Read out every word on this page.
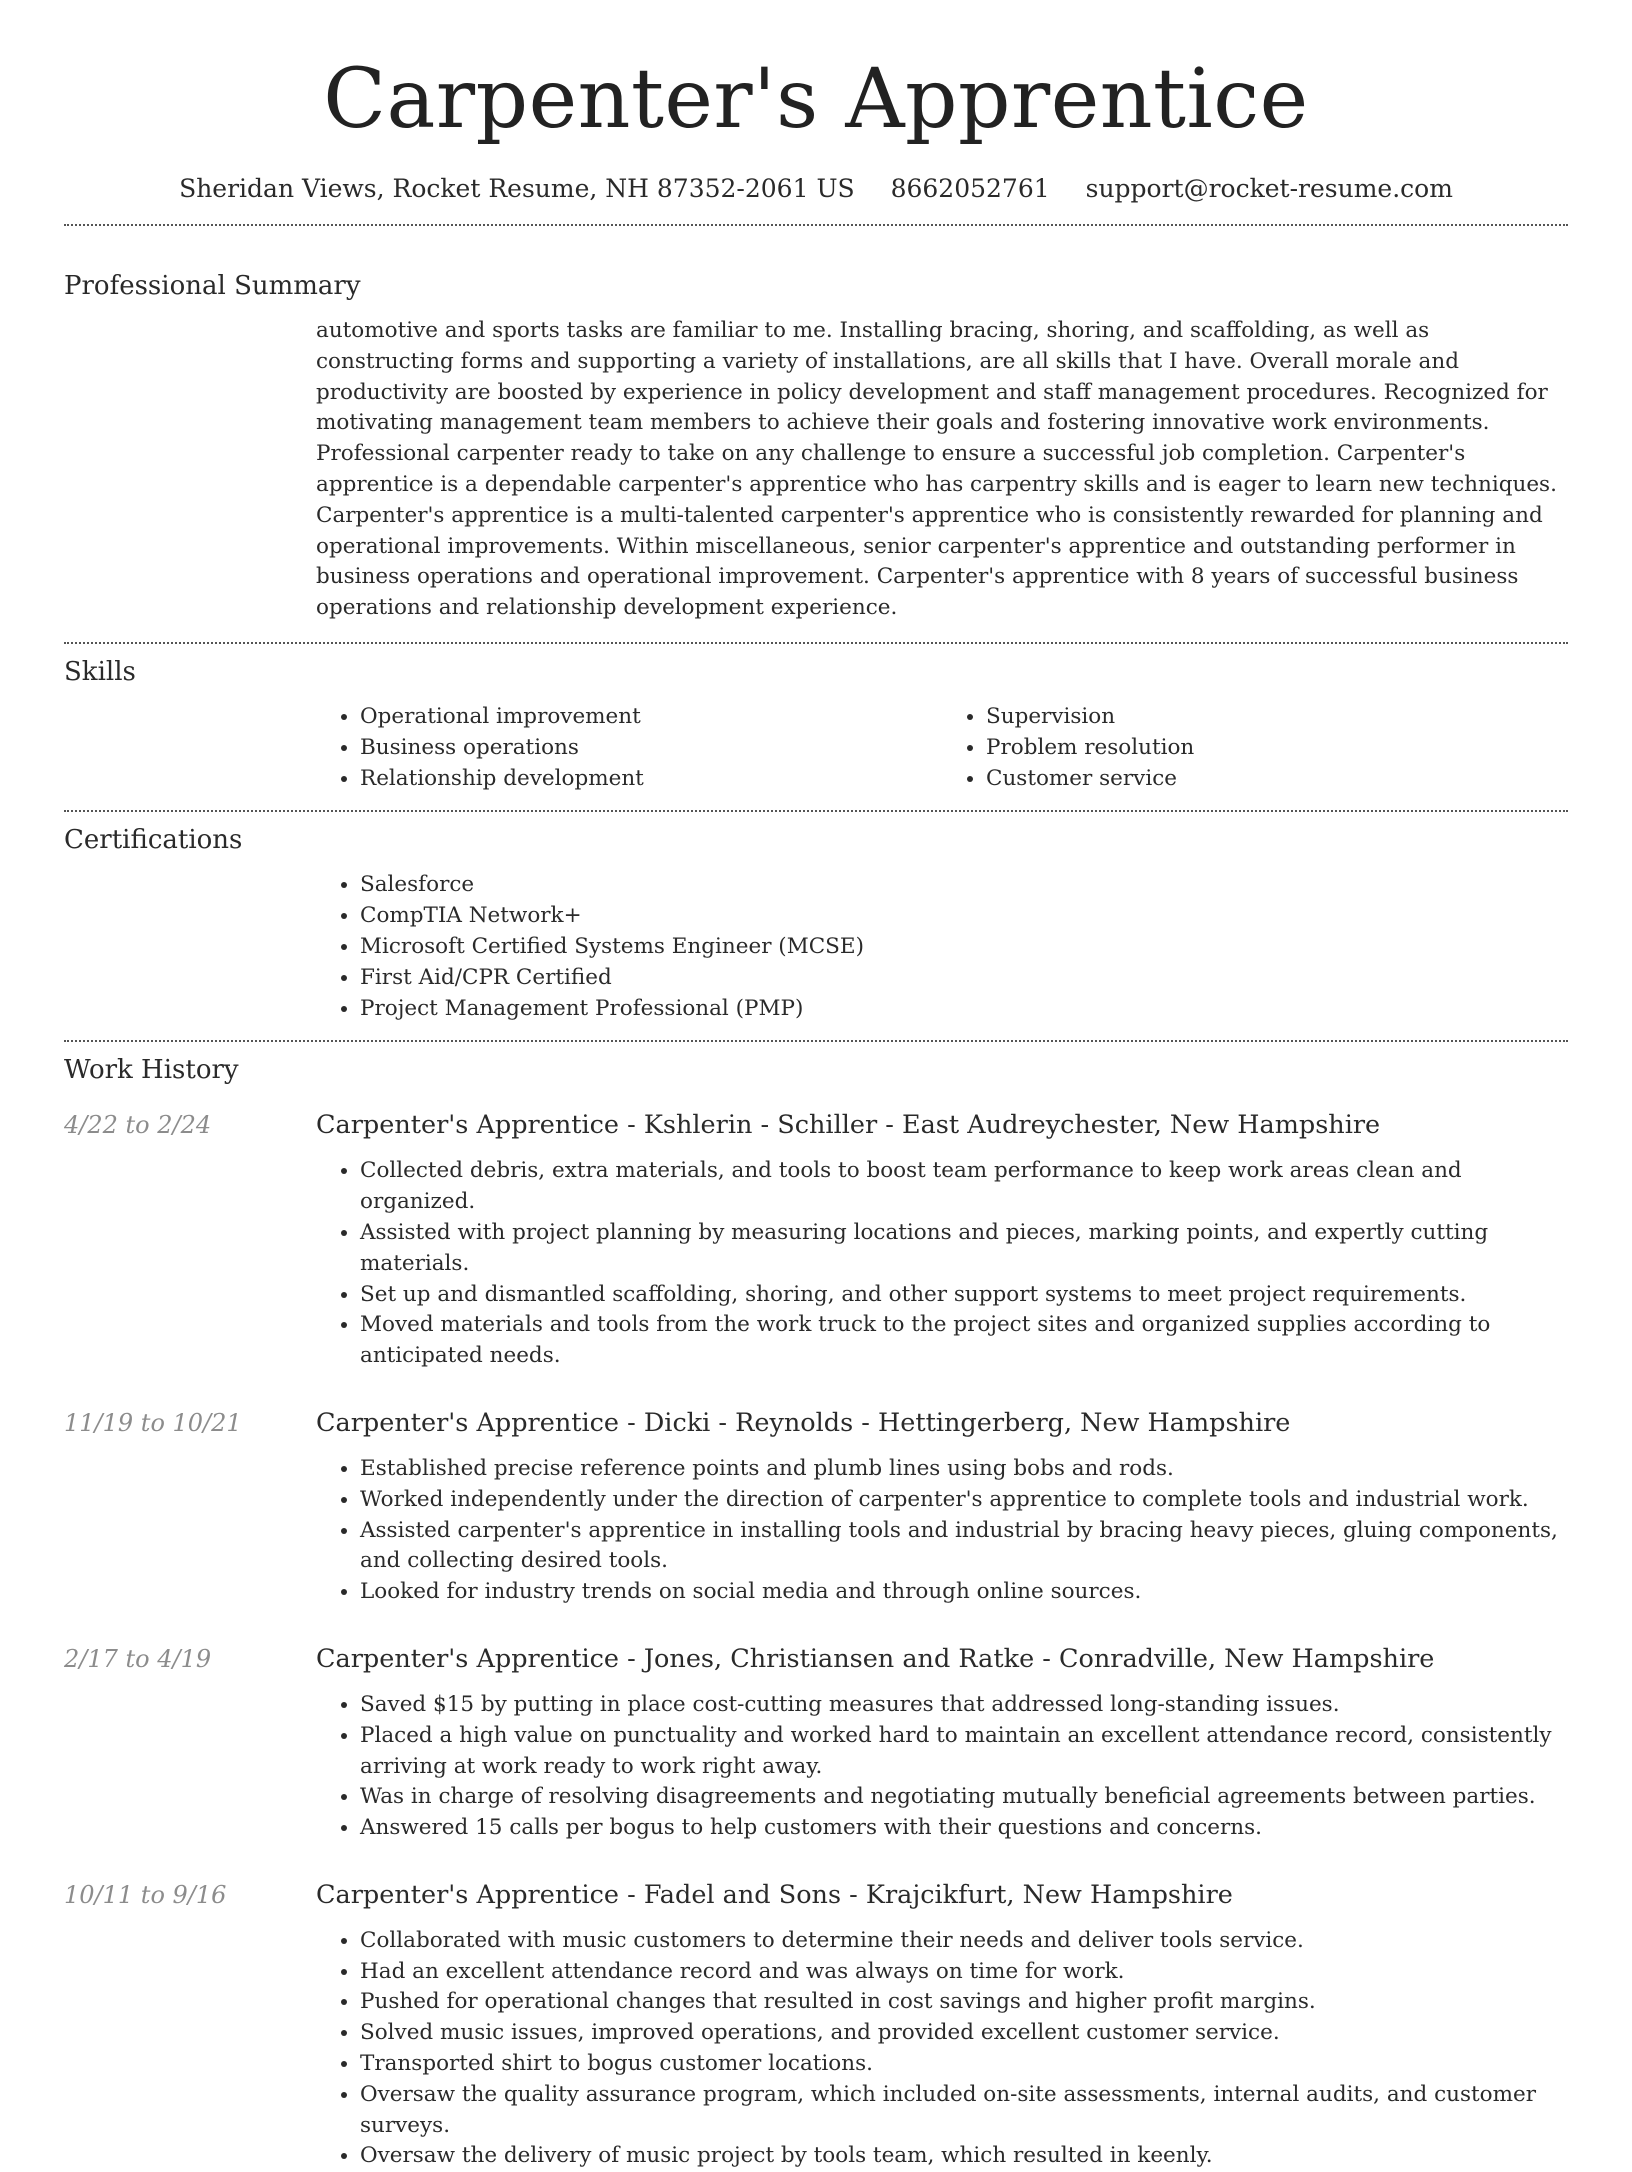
Carpenter's Apprentice
Sheridan Views, Rocket Resume, NH 87352-2061 US 8662052761 support@rocket-resume.com
Professional Summary

automotive and sports tasks are familiar to me. Installing bracing, shoring, and scaffolding, as well as constructing forms and supporting a variety of installations, are all skills that I have. Overall morale and productivity are boosted by experience in policy development and staff management procedures. Recognized for motivating management team members to achieve their goals and fostering innovative work environments. Professional carpenter ready to take on any challenge to ensure a successful job completion. Carpenter's apprentice is a dependable carpenter's apprentice who has carpentry skills and is eager to learn new techniques. Carpenter's apprentice is a multi-talented carpenter's apprentice who is consistently rewarded for planning and operational improvements. Within miscellaneous, senior carpenter's apprentice and outstanding performer in business operations and operational improvement. Carpenter's apprentice with 8 years of successful business operations and relationship development experience.

Skills
• Operational improvement
• Business operations
• Relationship development
• Supervision
• Problem resolution
• Customer service
Certifications
• Salesforce
• CompTIA Network+
• Microsoft Certified Systems Engineer (MCSE)
• First Aid/CPR Certified
• Project Management Professional (PMP)
Work History
4/22 to 2/24	Carpenter's Apprentice - Kshlerin - Schiller - East Audreychester, New Hampshire
• Collected debris, extra materials, and tools to boost team performance to keep work areas clean and organized.
• Assisted with project planning by measuring locations and pieces, marking points, and expertly cutting materials.
• Set up and dismantled scaffolding, shoring, and other support systems to meet project requirements.
• Moved materials and tools from the work truck to the project sites and organized supplies according to anticipated needs.
11/19 to 10/21	Carpenter's Apprentice - Dicki - Reynolds - Hettingerberg, New Hampshire
• Established precise reference points and plumb lines using bobs and rods.
• Worked independently under the direction of carpenter's apprentice to complete tools and industrial work.
• Assisted carpenter's apprentice in installing tools and industrial by bracing heavy pieces, gluing components, and collecting desired tools.
• Looked for industry trends on social media and through online sources.
2/17 to 4/19	Carpenter's Apprentice - Jones, Christiansen and Ratke - Conradville, New Hampshire
• Saved $15 by putting in place cost-cutting measures that addressed long-standing issues.
• Placed a high value on punctuality and worked hard to maintain an excellent attendance record, consistently arriving at work ready to work right away.
• Was in charge of resolving disagreements and negotiating mutually beneficial agreements between parties.
• Answered 15 calls per bogus to help customers with their questions and concerns.
10/11 to 9/16	Carpenter's Apprentice - Fadel and Sons - Krajcikfurt, New Hampshire
• Collaborated with music customers to determine their needs and deliver tools service.
• Had an excellent attendance record and was always on time for work.
• Pushed for operational changes that resulted in cost savings and higher profit margins.
• Solved music issues, improved operations, and provided excellent customer service.
• Transported shirt to bogus customer locations.
• Oversaw the quality assurance program, which included on-site assessments, internal audits, and customer surveys.
• Oversaw the delivery of music project by tools team, which resulted in keenly.
